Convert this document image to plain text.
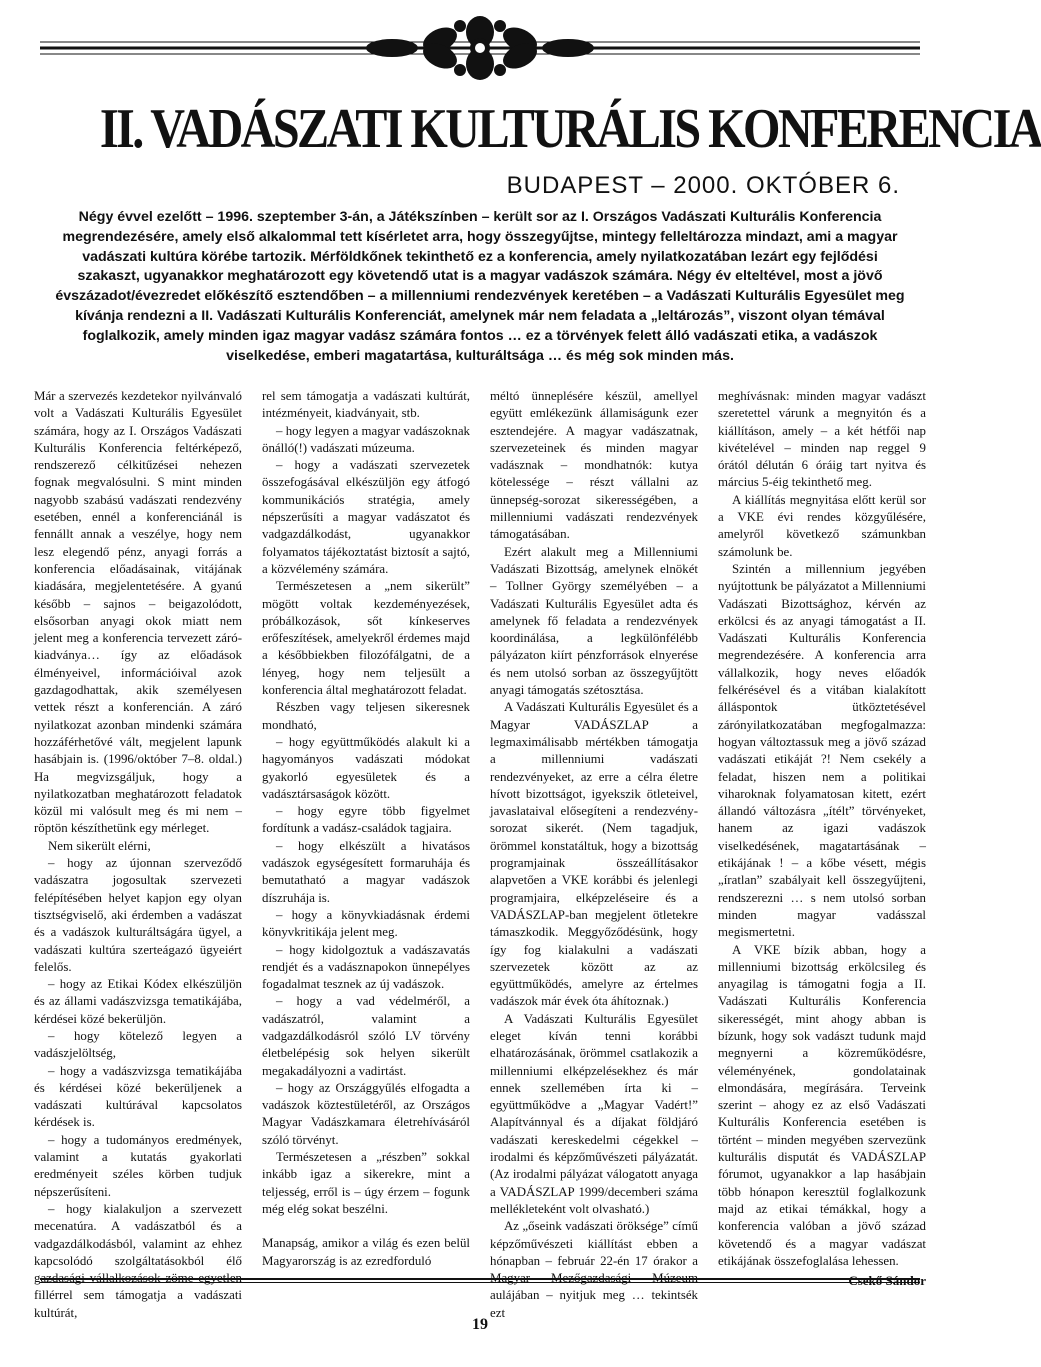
II. VADÁSZATI KULTURÁLIS KONFERENCIA
BUDAPEST – 2000. OKTÓBER 6.

Négy évvel ezelőtt – 1996. szeptember 3-án, a Játékszínben – került sor az I. Országos Vadászati Kulturális Konferencia megrendezésére, amely első alkalommal tett kísérletet arra, hogy összegyűjtse, mintegy felleltározza mindazt, ami a magyar vadászati kultúra körébe tartozik. Mérföldkőnek tekinthető ez a konferencia, amely nyilatkozatában lezárt egy fejlődési szakaszt, ugyanakkor meghatározott egy követendő utat is a magyar vadászok számára. Négy év elteltével, most a jövő évszázadot/évezredet előkészítő esztendőben – a millenniumi rendezvények keretében – a Vadászati Kulturális Egyesület meg kívánja rendezni a II. Vadászati Kulturális Konferenciát, amelynek már nem feladata a „leltározás”, viszont olyan témával foglalkozik, amely minden igaz magyar vadász számára fontos … ez a törvények felett álló vadászati etika, a vadászok viselkedése, emberi magatartása, kulturáltsága … és még sok minden más.

Már a szervezés kezdetekor nyilvánvaló volt a Vadászati Kulturális Egyesület számára, hogy az I. Országos Vadászati Kulturális Konferencia feltérképező, rendszerező célkitűzései nehezen fognak megvalósulni. S mint minden nagyobb szabású vadászati rendezvény esetében, ennél a konferenciánál is fennállt annak a veszélye, hogy nem lesz elegendő pénz, anyagi forrás a konferencia előadásainak, vitájának kiadására, megjelentetésére. A gyanú később – sajnos – beigazolódott, elsősorban anyagi okok miatt nem jelent meg a konferencia tervezett záró-kiadványa… így az előadások élményeivel, információival azok gazdagodhattak, akik személyesen vettek részt a konferencián. A záró nyilatkozat azonban mindenki számára hozzáférhetővé vált, megjelent lapunk hasábjain is. (1996/október 7–8. oldal.) Ha megvizsgáljuk, hogy a nyilatkozatban meghatározott feladatok közül mi valósult meg és mi nem – röptön készíthetünk egy mérleget.

Nem sikerült elérni,

– hogy az újonnan szerveződő vadászatra jogosultak szervezeti felépítésében helyet kapjon egy olyan tisztségviselő, aki érdemben a vadászat és a vadászok kulturáltságára ügyel, a vadászati kultúra szerteágazó ügyeiért felelős.

– hogy az Etikai Kódex elkészüljön és az állami vadászvizsga tematikájába, kérdései közé bekerüljön.

– hogy kötelező legyen a vadászjelöltség,

– hogy a vadászvizsga tematikájába és kérdései közé bekerüljenek a vadászati kultúrával kapcsolatos kérdések is.

– hogy a tudományos eredmények, valamint a kutatás gyakorlati eredményeit széles körben tudjuk népszerűsíteni.

– hogy kialakuljon a szervezett mecenatúra. A vadászatból és a vadgazdálkodásból, valamint az ehhez kapcsolódó szolgáltatásokból élő gazdasági vállalkozások zöme egyetlen fillérrel sem támogatja a vadászati kultúrát,

rel sem támogatja a vadászati kultúrát, intézményeit, kiadványait, stb.

– hogy legyen a magyar vadászoknak önálló(!) vadászati múzeuma.

– hogy a vadászati szervezetek összefogásával elkészüljön egy átfogó kommunikációs stratégia, amely népszerűsíti a magyar vadászatot és vadgazdálkodást, ugyanakkor folyamatos tájékoztatást biztosít a sajtó, a közvélemény számára.

Természetesen a „nem sikerült” mögött voltak kezdeményezések, próbálkozások, sőt kínkeserves erőfeszítések, amelyekről érdemes majd a későbbiekben filozófálgatni, de a lényeg, hogy nem teljesült a konferencia által meghatározott feladat.

Részben vagy teljesen sikeresnek mondható,

– hogy együttműködés alakult ki a hagyományos vadászati módokat gyakorló egyesületek és a vadásztársaságok között.

– hogy egyre több figyelmet fordítunk a vadász-családok tagjaira.

– hogy elkészült a hivatásos vadászok egységesített formaruhája és bemutatható a magyar vadászok díszruhája is.

– hogy a könyvkiadásnak érdemi könyvkritikája jelent meg.

– hogy kidolgoztuk a vadászavatás rendjét és a vadásznapokon ünnepélyes fogadalmat tesznek az új vadászok.

– hogy a vad védelméről, a vadászatról, valamint a vadgazdálkodásról szóló LV törvény életbelépésig sok helyen sikerült megakadályozni a vadirtást.

– hogy az Országgyűlés elfogadta a vadászok köztestületéről, az Országos Magyar Vadászkamara életrehívásáról szóló törvényt.

Természetesen a „részben” sokkal inkább igaz a sikerekre, mint a teljesség, erről is – úgy érzem – fogunk még elég sokat beszélni.

Manapság, amikor a világ és ezen belül Magyarország is az ezredforduló

méltó ünneplésére készül, amellyel együtt emlékezünk államiságunk ezer esztendejére. A magyar vadászatnak, szervezeteinek és minden magyar vadásznak – mondhatnók: kutya kötelessége – részt vállalni az ünnepség-sorozat sikerességében, a millenniumi vadászati rendezvények támogatásában.

Ezért alakult meg a Millenniumi Vadászati Bizottság, amelynek elnökét – Tollner György személyében – a Vadászati Kulturális Egyesület adta és amelynek fő feladata a rendezvények koordinálása, a legkülönfélébb pályázaton kiírt pénzforrások elnyerése és nem utolsó sorban az összegyűjtött anyagi támogatás szétosztása.

A Vadászati Kulturális Egyesület és a Magyar VADÁSZLAP a legmaximálisabb mértékben támogatja a millenniumi vadászati rendezvényeket, az erre a célra életre hívott bizottságot, igyekszik ötleteivel, javaslataival elősegíteni a rendezvény-sorozat sikerét. (Nem tagadjuk, örömmel konstatáltuk, hogy a bizottság programjainak összeállításakor alapvetően a VKE korábbi és jelenlegi programjaira, elképzeléseire és a VADÁSZLAP-ban megjelent ötletekre támaszkodik. Meggyőződésünk, hogy így fog kialakulni a vadászati szervezetek között az az együttműködés, amelyre az értelmes vadászok már évek óta áhítoznak.)

A Vadászati Kulturális Egyesület eleget kíván tenni korábbi elhatározásának, örömmel csatlakozik a millenniumi elképzelésekhez és már ennek szellemében írta ki – együttműködve a „Magyar Vadért!” Alapítvánnyal és a díjakat földjáró vadászati kereskedelmi cégekkel – irodalmi és képzőművészeti pályázatát. (Az irodalmi pályázat válogatott anyaga a VADÁSZLAP 1999/decemberi száma mellékleteként volt olvasható.)

Az „őseink vadászati öröksége” című képzőművészeti kiállítást ebben a hónapban – február 22-én 17 órakor a Magyar Mezőgazdasági Múzeum aulájában – nyitjuk meg … tekintsék ezt

meghívásnak: minden magyar vadászt szeretettel várunk a megnyitón és a kiállításon, amely – a két hétfői nap kivételével – minden nap reggel 9 órától délután 6 óráig tart nyitva és március 5-éig tekinthető meg.

A kiállítás megnyitása előtt kerül sor a VKE évi rendes közgyűlésére, amelyről következő számunkban számolunk be.

Szintén a millennium jegyében nyújtottunk be pályázatot a Millenniumi Vadászati Bizottsághoz, kérvén az erkölcsi és az anyagi támogatást a II. Vadászati Kulturális Konferencia megrendezésére. A konferencia arra vállalkozik, hogy neves előadók felkérésével és a vitában kialakított álláspontok ütköztetésével zárónyilatkozatában megfogalmazza: hogyan változtassuk meg a jövő század vadászati etikáját ?! Nem csekély a feladat, hiszen nem a politikai viharoknak folyamatosan kitett, ezért állandó változásra „ítélt” törvényeket, hanem az igazi vadászok viselkedésének, magatartásának – etikájának ! – a kőbe vésett, mégis „íratlan” szabályait kell összegyűjteni, rendszerezni … s nem utolsó sorban minden magyar vadásszal megismertetni.

A VKE bízik abban, hogy a millenniumi bizottság erkölcsileg és anyagilag is támogatni fogja a II. Vadászati Kulturális Konferencia sikerességét, mint ahogy abban is bízunk, hogy sok vadászt tudunk majd megnyerni a közreműködésre, véleményének, gondolatainak elmondására, megírására. Terveink szerint – ahogy ez az első Vadászati Kulturális Konferencia esetében is történt – minden megyében szervezünk kulturális disputát és VADÁSZLAP fórumot, ugyanakkor a lap hasábjain több hónapon keresztül foglalkozunk majd az etikai témákkal, hogy a konferencia valóban a jövő század követendő és a magyar vadászat etikájának összefoglalása lehessen.

Csekő Sándor
19
